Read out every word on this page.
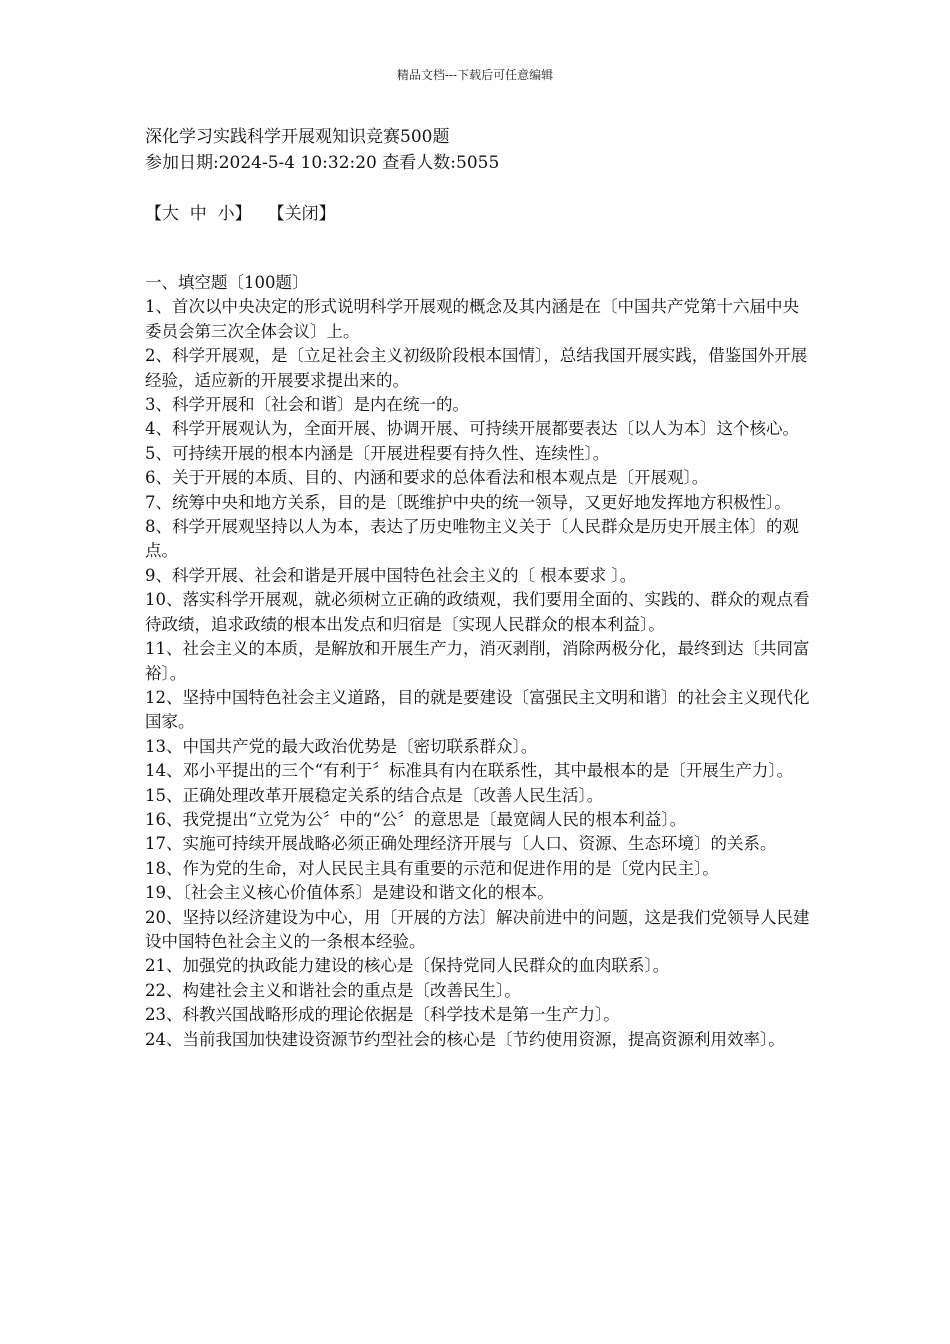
精品文档---下载后可任意编辑
深化学习实践科学开展观知识竞赛500题
参加日期:2024-5-4 10:32:20 查看人数:5055
【大  中  小】 【关闭】
一、填空题〔100题〕
1、首次以中央决定的形式说明科学开展观的概念及其内涵是在〔中国共产党第十六届中央委员会第三次全体会议〕上。
2、科学开展观，是〔立足社会主义初级阶段根本国情〕，总结我国开展实践，借鉴国外开展经验，适应新的开展要求提出来的。
3、科学开展和〔社会和谐〕是内在统一的。
4、科学开展观认为，全面开展、协调开展、可持续开展都要表达〔以人为本〕这个核心。
5、可持续开展的根本内涵是〔开展进程要有持久性、连续性〕。
6、关于开展的本质、目的、内涵和要求的总体看法和根本观点是〔开展观〕。
7、统筹中央和地方关系，目的是〔既维护中央的统一领导，又更好地发挥地方积极性〕。
8、科学开展观坚持以人为本，表达了历史唯物主义关于〔人民群众是历史开展主体〕的观点。
9、科学开展、社会和谐是开展中国特色社会主义的〔 根本要求 〕。
10、落实科学开展观，就必须树立正确的政绩观，我们要用全面的、实践的、群众的观点看待政绩，追求政绩的根本出发点和归宿是〔实现人民群众的根本利益〕。
11、社会主义的本质，是解放和开展生产力，消灭剥削，消除两极分化，最终到达〔共同富裕〕。
12、坚持中国特色社会主义道路，目的就是要建设〔富强民主文明和谐〕的社会主义现代化国家。
13、中国共产党的最大政治优势是〔密切联系群众〕。
14、邓小平提出的三个“有利于〞标准具有内在联系性，其中最根本的是〔开展生产力〕。
15、正确处理改革开展稳定关系的结合点是〔改善人民生活〕。
16、我党提出“立党为公〞中的“公〞的意思是〔最宽阔人民的根本利益〕。
17、实施可持续开展战略必须正确处理经济开展与〔人口、资源、生态环境〕的关系。
18、作为党的生命，对人民民主具有重要的示范和促进作用的是〔党内民主〕。
19、〔社会主义核心价值体系〕是建设和谐文化的根本。
20、坚持以经济建设为中心，用〔开展的方法〕解决前进中的问题，这是我们党领导人民建设中国特色社会主义的一条根本经验。
21、加强党的执政能力建设的核心是〔保持党同人民群众的血肉联系〕。
22、构建社会主义和谐社会的重点是〔改善民生〕。
23、科教兴国战略形成的理论依据是〔科学技术是第一生产力〕。
24、当前我国加快建设资源节约型社会的核心是〔节约使用资源，提高资源利用效率〕。
